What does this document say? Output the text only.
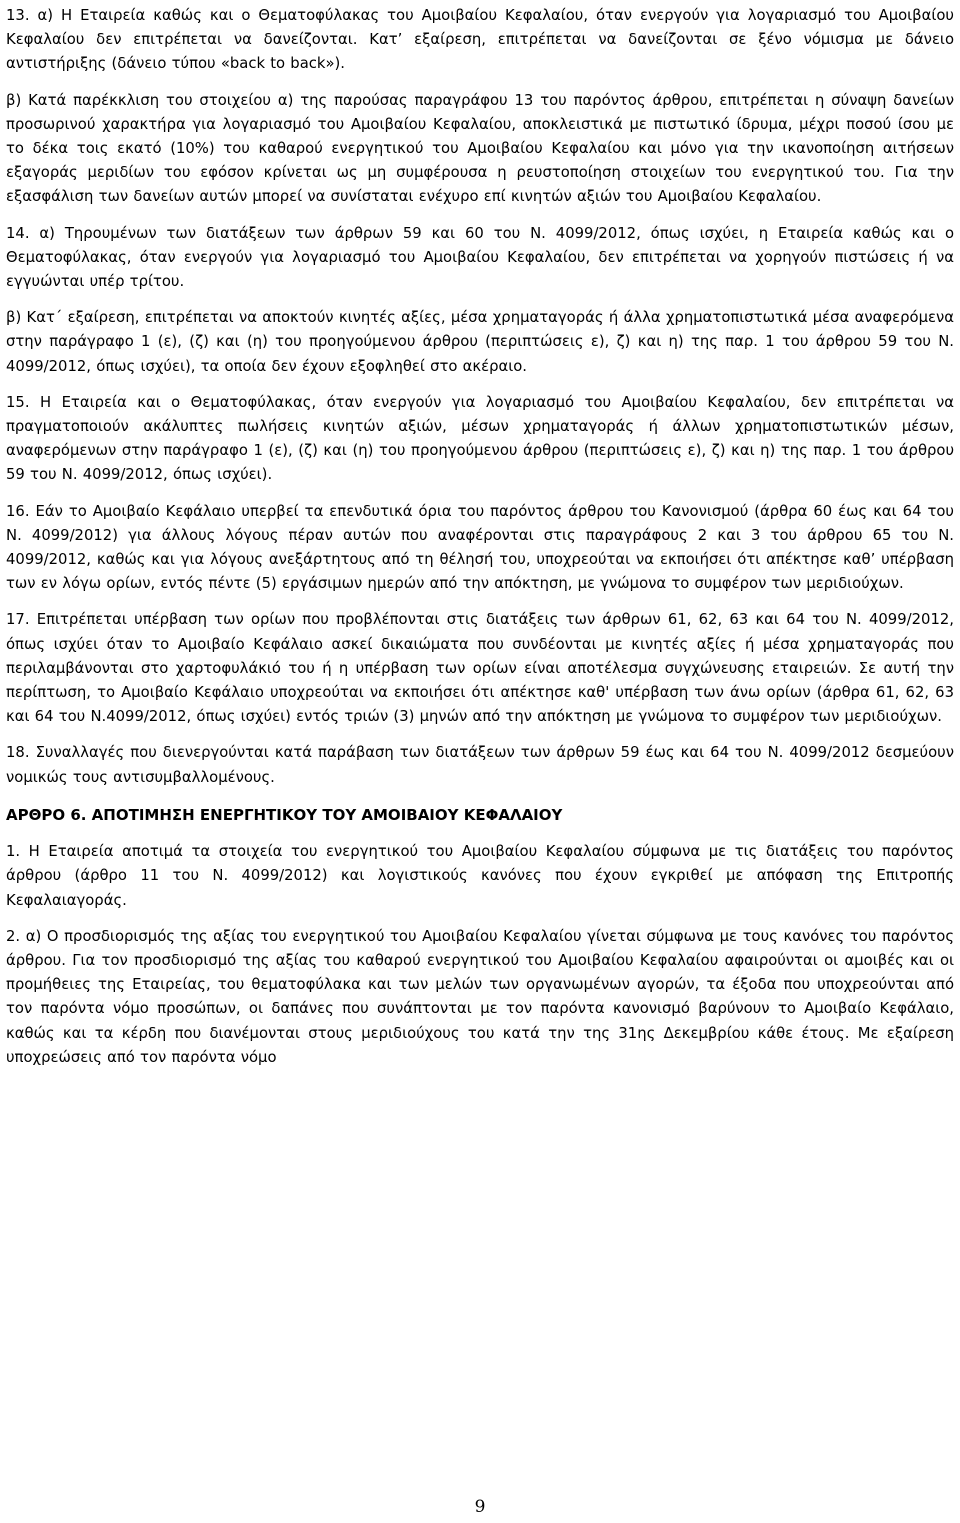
13. α) Η Εταιρεία καθώς και ο Θεματοφύλακας του Αμοιβαίου Κεφαλαίου, όταν ενεργούν για λογαριασμό του Αμοιβαίου Κεφαλαίου δεν επιτρέπεται να δανείζονται. Κατ’ εξαίρεση, επιτρέπεται να δανείζονται σε ξένο νόμισμα με δάνειο αντιστήριξης (δάνειο τύπου «back to back»).

β) Κατά παρέκκλιση του στοιχείου α) της παρούσας παραγράφου 13 του παρόντος άρθρου, επιτρέπεται η σύναψη δανείων προσωρινού χαρακτήρα για λογαριασμό του Αμοιβαίου Κεφαλαίου, αποκλειστικά με πιστωτικό ίδρυμα, μέχρι ποσού ίσου με το δέκα τοις εκατό (10%) του καθαρού ενεργητικού του Αμοιβαίου Κεφαλαίου και μόνο για την ικανοποίηση αιτήσεων εξαγοράς μεριδίων του εφόσον κρίνεται ως μη συμφέρουσα η ρευστοποίηση στοιχείων του ενεργητικού του. Για την εξασφάλιση των δανείων αυτών μπορεί να συνίσταται ενέχυρο επί κινητών αξιών του Αμοιβαίου Κεφαλαίου.

14. α) Τηρουμένων των διατάξεων των άρθρων 59 και 60 του Ν. 4099/2012, όπως ισχύει, η Εταιρεία καθώς και ο Θεματοφύλακας, όταν ενεργούν για λογαριασμό του Αμοιβαίου Κεφαλαίου, δεν επιτρέπεται να χορηγούν πιστώσεις ή να εγγυώνται υπέρ τρίτου.

β) Κατ΄ εξαίρεση, επιτρέπεται να αποκτούν κινητές αξίες, μέσα χρηματαγοράς ή άλλα χρηματοπιστωτικά μέσα αναφερόμενα στην παράγραφο 1 (ε), (ζ) και (η) του προηγούμενου άρθρου (περιπτώσεις ε), ζ) και η) της παρ. 1 του άρθρου 59 του Ν. 4099/2012, όπως ισχύει), τα οποία δεν έχουν εξοφληθεί στο ακέραιο.

15. Η Εταιρεία και ο Θεματοφύλακας, όταν ενεργούν για λογαριασμό του Αμοιβαίου Κεφαλαίου, δεν επιτρέπεται να πραγματοποιούν ακάλυπτες πωλήσεις κινητών αξιών, μέσων χρηματαγοράς ή άλλων χρηματοπιστωτικών μέσων, αναφερόμενων στην παράγραφο 1 (ε), (ζ) και (η) του προηγούμενου άρθρου (περιπτώσεις ε), ζ) και η) της παρ. 1 του άρθρου 59 του Ν. 4099/2012, όπως ισχύει).

16. Εάν το Αμοιβαίο Κεφάλαιο υπερβεί τα επενδυτικά όρια του παρόντος άρθρου του Κανονισμού (άρθρα 60 έως και 64 του Ν. 4099/2012) για άλλους λόγους πέραν αυτών που αναφέρονται στις παραγράφους 2 και 3 του άρθρου 65 του Ν. 4099/2012, καθώς και για λόγους ανεξάρτητους από τη θέλησή του, υποχρεούται να εκποιήσει ότι απέκτησε καθ’ υπέρβαση των εν λόγω ορίων, εντός πέντε (5) εργάσιμων ημερών από την απόκτηση, με γνώμονα το συμφέρον των μεριδιούχων.

17. Επιτρέπεται υπέρβαση των ορίων που προβλέπονται στις διατάξεις των άρθρων 61, 62, 63 και 64 του Ν. 4099/2012, όπως ισχύει όταν το Αμοιβαίο Κεφάλαιο ασκεί δικαιώματα που συνδέονται με κινητές αξίες ή μέσα χρηματαγοράς που περιλαμβάνονται στο χαρτοφυλάκιό του ή η υπέρβαση των ορίων είναι αποτέλεσμα συγχώνευσης εταιρειών. Σε αυτή την περίπτωση, το Αμοιβαίο Κεφάλαιο υποχρεούται να εκποιήσει ότι απέκτησε καθ' υπέρβαση των άνω ορίων (άρθρα 61, 62, 63 και 64 του Ν.4099/2012, όπως ισχύει) εντός τριών (3) μηνών από την απόκτηση με γνώμονα το συμφέρον των μεριδιούχων.

18. Συναλλαγές που διενεργούνται κατά παράβαση των διατάξεων των άρθρων 59 έως και 64 του Ν. 4099/2012 δεσμεύουν νομικώς τους αντισυμβαλλομένους.

ΑΡΘΡΟ 6. ΑΠΟΤΙΜΗΣΗ ΕΝΕΡΓΗΤΙΚΟΥ ΤΟΥ ΑΜΟΙΒΑΙΟΥ ΚΕΦΑΛΑΙΟΥ

1. Η Εταιρεία αποτιμά τα στοιχεία του ενεργητικού του Αμοιβαίου Κεφαλαίου σύμφωνα με τις διατάξεις του παρόντος άρθρου (άρθρο 11 του Ν. 4099/2012) και λογιστικούς κανόνες που έχουν εγκριθεί με απόφαση της Επιτροπής Κεφαλαιαγοράς.

2. α) Ο προσδιορισμός της αξίας του ενεργητικού του Αμοιβαίου Κεφαλαίου γίνεται σύμφωνα με τους κανόνες του παρόντος άρθρου. Για τον προσδιορισμό της αξίας του καθαρού ενεργητικού του Αμοιβαίου Κεφαλαίου αφαιρούνται οι αμοιβές και οι προμήθειες της Εταιρείας, του θεματοφύλακα και των μελών των οργανωμένων αγορών, τα έξοδα που υποχρεούνται από τον παρόντα νόμο προσώπων, οι δαπάνες που συνάπτονται με τον παρόντα κανονισμό βαρύνουν το Αμοιβαίο Κεφάλαιο, καθώς και τα κέρδη που διανέμονται στους μεριδιούχους του κατά την της 31ης Δεκεμβρίου κάθε έτους. Με εξαίρεση υποχρεώσεις από τον παρόντα νόμο

9
